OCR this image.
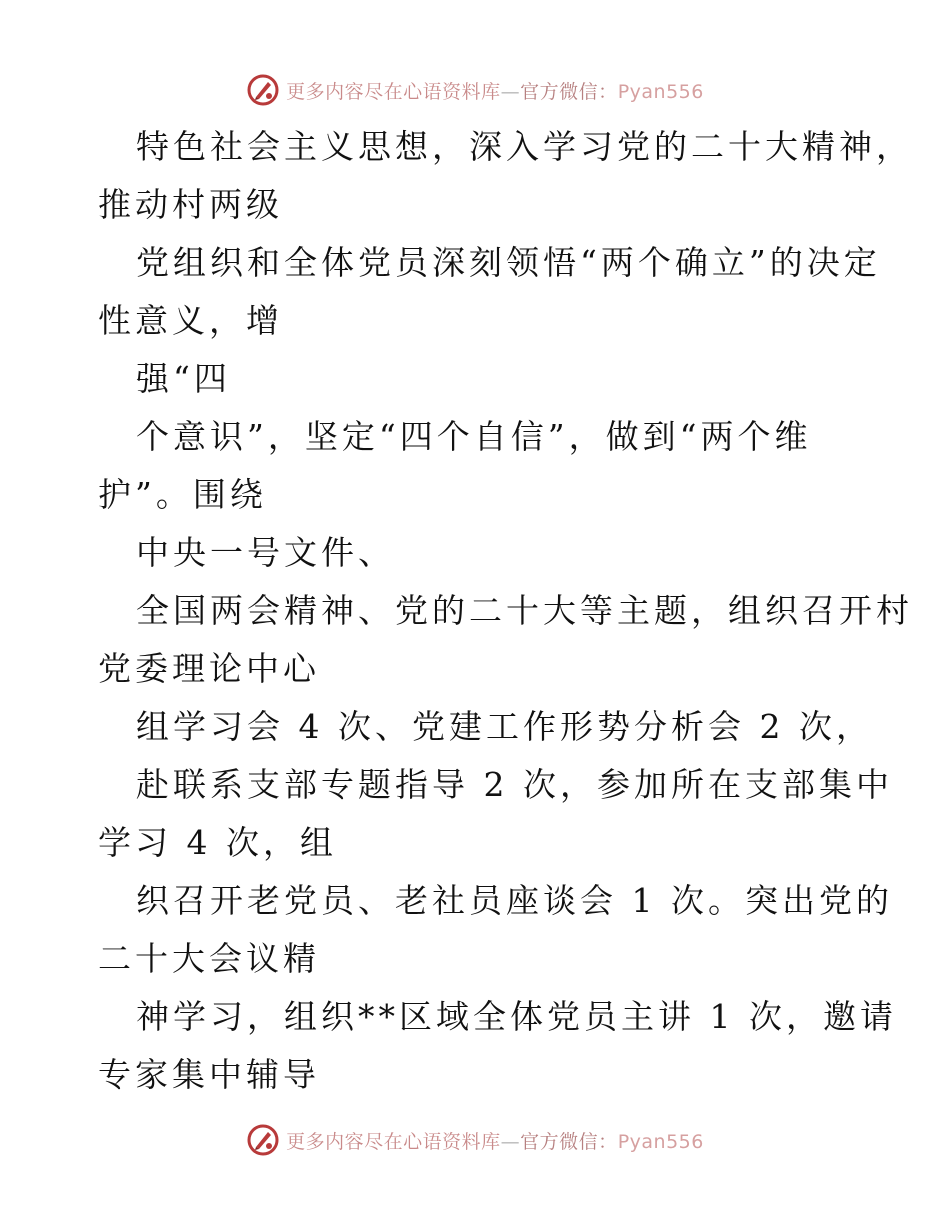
更多内容尽在心语资料库—官方微信：Pyan556
特色社会主义思想，深入学习党的二十大精神，
推动村两级
党组织和全体党员深刻领悟“两个确立”的决定
性意义，增
强“四
个意识”，坚定“四个自信”，做到“两个维
护”。围绕
中央一号文件、
全国两会精神、党的二十大等主题，组织召开村
党委理论中心
组学习会 4 次、党建工作形势分析会 2 次，
赴联系支部专题指导 2 次，参加所在支部集中
学习 4 次，组
织召开老党员、老社员座谈会 1 次。突出党的
二十大会议精
神学习，组织**区域全体党员主讲 1 次，邀请
专家集中辅导
更多内容尽在心语资料库—官方微信：Pyan556
